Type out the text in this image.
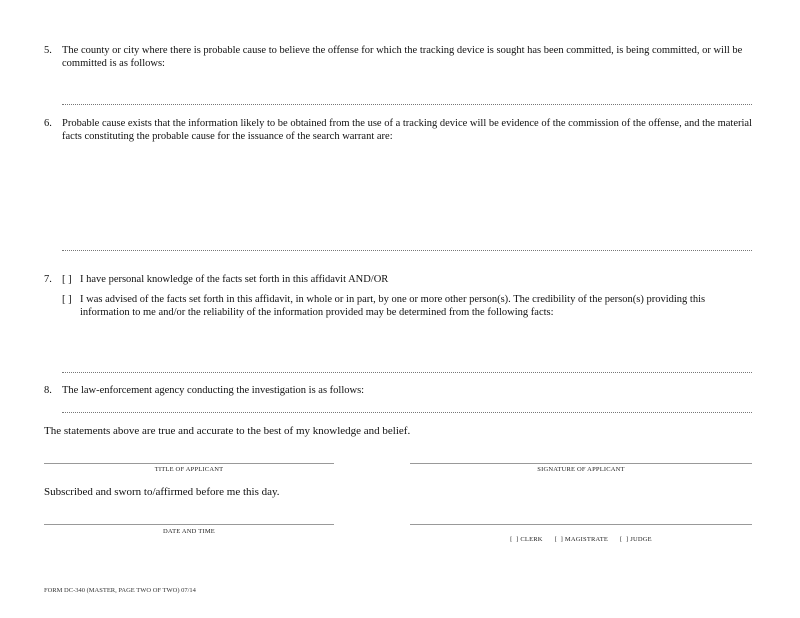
5. The county or city where there is probable cause to believe the offense for which the tracking device is sought has been committed, is being committed, or will be committed is as follows:
6. Probable cause exists that the information likely to be obtained from the use of a tracking device will be evidence of the commission of the offense, and the material facts constituting the probable cause for the issuance of the search warrant are:
7. [ ] I have personal knowledge of the facts set forth in this affidavit AND/OR
[ ] I was advised of the facts set forth in this affidavit, in whole or in part, by one or more other person(s). The credibility of the person(s) providing this information to me and/or the reliability of the information provided may be determined from the following facts:
8. The law-enforcement agency conducting the investigation is as follows:
The statements above are true and accurate to the best of my knowledge and belief.
TITLE OF APPLICANT	SIGNATURE OF APPLICANT
Subscribed and sworn to/affirmed before me this day.
DATE AND TIME
[  ] CLERK [  ] MAGISTRATE [  ] JUDGE
FORM DC-340 (MASTER, PAGE TWO OF TWO) 07/14
